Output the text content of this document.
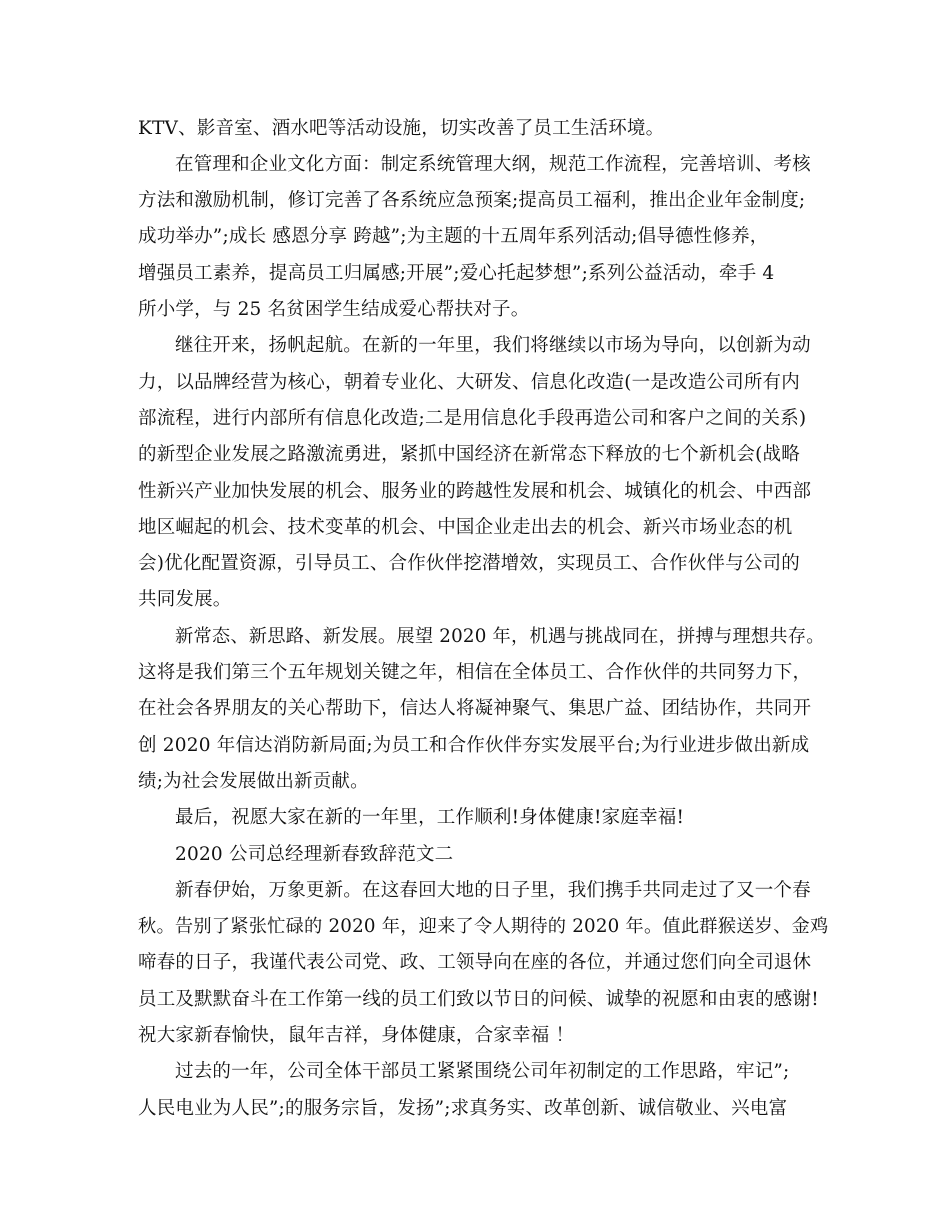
KTV、影音室、酒水吧等活动设施，切实改善了员工生活环境。
在管理和企业文化方面：制定系统管理大纲，规范工作流程，完善培训、考核
方法和激励机制，修订完善了各系统应急预案;提高员工福利，推出企业年金制度;
成功举办”;成长 感恩分享 跨越”;为主题的十五周年系列活动;倡导德性修养，
增强员工素养，提高员工归属感;开展”;爱心托起梦想”;系列公益活动，牵手 4
所小学，与 25 名贫困学生结成爱心帮扶对子。
继往开来，扬帆起航。在新的一年里，我们将继续以市场为导向，以创新为动
力，以品牌经营为核心，朝着专业化、大研发、信息化改造(一是改造公司所有内
部流程，进行内部所有信息化改造;二是用信息化手段再造公司和客户之间的关系)
的新型企业发展之路激流勇进，紧抓中国经济在新常态下释放的七个新机会(战略
性新兴产业加快发展的机会、服务业的跨越性发展和机会、城镇化的机会、中西部
地区崛起的机会、技术变革的机会、中国企业走出去的机会、新兴市场业态的机
会)优化配置资源，引导员工、合作伙伴挖潜增效，实现员工、合作伙伴与公司的
共同发展。
新常态、新思路、新发展。展望 2020 年，机遇与挑战同在，拼搏与理想共存。
这将是我们第三个五年规划关键之年，相信在全体员工、合作伙伴的共同努力下，
在社会各界朋友的关心帮助下，信达人将凝神聚气、集思广益、团结协作，共同开
创 2020 年信达消防新局面;为员工和合作伙伴夯实发展平台;为行业进步做出新成
绩;为社会发展做出新贡献。
最后，祝愿大家在新的一年里，工作顺利!身体健康!家庭幸福!
2020 公司总经理新春致辞范文二
新春伊始，万象更新。在这春回大地的日子里，我们携手共同走过了又一个春
秋。告别了紧张忙碌的 2020 年，迎来了令人期待的 2020 年。值此群猴送岁、金鸡
啼春的日子，我谨代表公司党、政、工领导向在座的各位，并通过您们向全司退休
员工及默默奋斗在工作第一线的员工们致以节日的问候、诚挚的祝愿和由衷的感谢!
祝大家新春愉快，鼠年吉祥，身体健康，合家幸福 ！
过去的一年，公司全体干部员工紧紧围绕公司年初制定的工作思路，牢记”;
人民电业为人民”;的服务宗旨，发扬”;求真务实、改革创新、诚信敬业、兴电富
